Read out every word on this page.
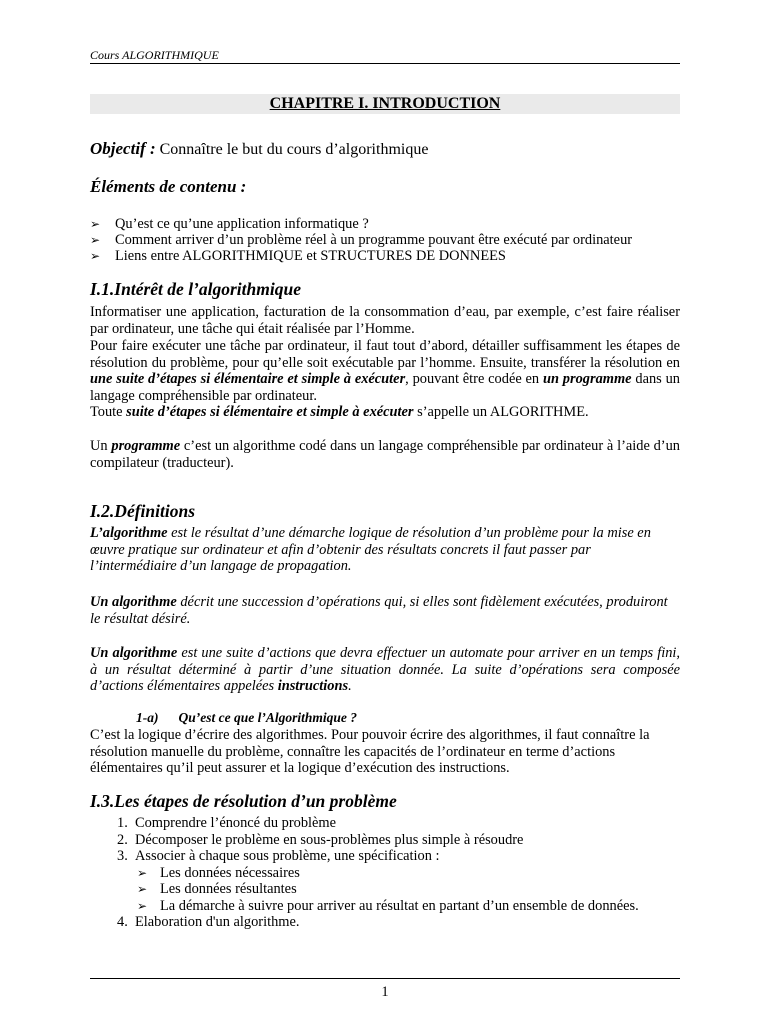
Cours ALGORITHMIQUE
CHAPITRE I. INTRODUCTION
Objectif : Connaître le but du cours d’algorithmique
Éléments de contenu :
➢ Qu’est ce qu’une application informatique ?
➢ Comment arriver d’un problème réel à un programme pouvant être exécuté par ordinateur
➢ Liens entre ALGORITHMIQUE et STRUCTURES DE DONNEES
I.1.Intérêt de l’algorithmique
Informatiser une application, facturation de la consommation d’eau, par exemple, c’est faire réaliser par ordinateur, une tâche qui était réalisée par l’Homme.
Pour faire exécuter une tâche par ordinateur, il faut tout d’abord, détailler suffisamment les étapes de résolution du problème, pour qu’elle soit exécutable par l’homme. Ensuite, transférer la résolution en une suite d’étapes si élémentaire et simple à exécuter, pouvant être codée en un programme dans un langage compréhensible par ordinateur.
Toute suite d’étapes si élémentaire et simple à exécuter s’appelle un ALGORITHME.
Un programme c’est un algorithme codé dans un langage compréhensible par ordinateur à l’aide d’un compilateur (traducteur).
I.2.Définitions
L’algorithme est le résultat d’une démarche logique de résolution d’un problème pour la mise en œuvre pratique sur ordinateur et afin d’obtenir des résultats concrets il faut passer par l’intermédiaire d’un langage de propagation.
Un algorithme décrit une succession d’opérations qui, si elles sont fidèlement exécutées, produiront le résultat désiré.
Un algorithme est une suite d’actions que devra effectuer un automate pour arriver en un temps fini, à un résultat déterminé à partir d’une situation donnée. La suite d’opérations sera composée d’actions élémentaires appelées instructions.
1-a) Qu’est ce que l’Algorithmique ?
C’est la logique d’écrire des algorithmes. Pour pouvoir écrire des algorithmes, il faut connaître la résolution manuelle du problème, connaître les capacités de l’ordinateur en terme d’actions élémentaires qu’il peut assurer et la logique d’exécution des instructions.
I.3.Les étapes de résolution d’un problème
1. Comprendre l’énoncé du problème
2. Décomposer le problème en sous-problèmes plus simple à résoudre
3. Associer à chaque sous problème, une spécification :
➢ Les données nécessaires
➢ Les données résultantes
➢ La démarche à suivre pour arriver au résultat en partant d’un ensemble de données.
4. Elaboration d'un algorithme.
1
